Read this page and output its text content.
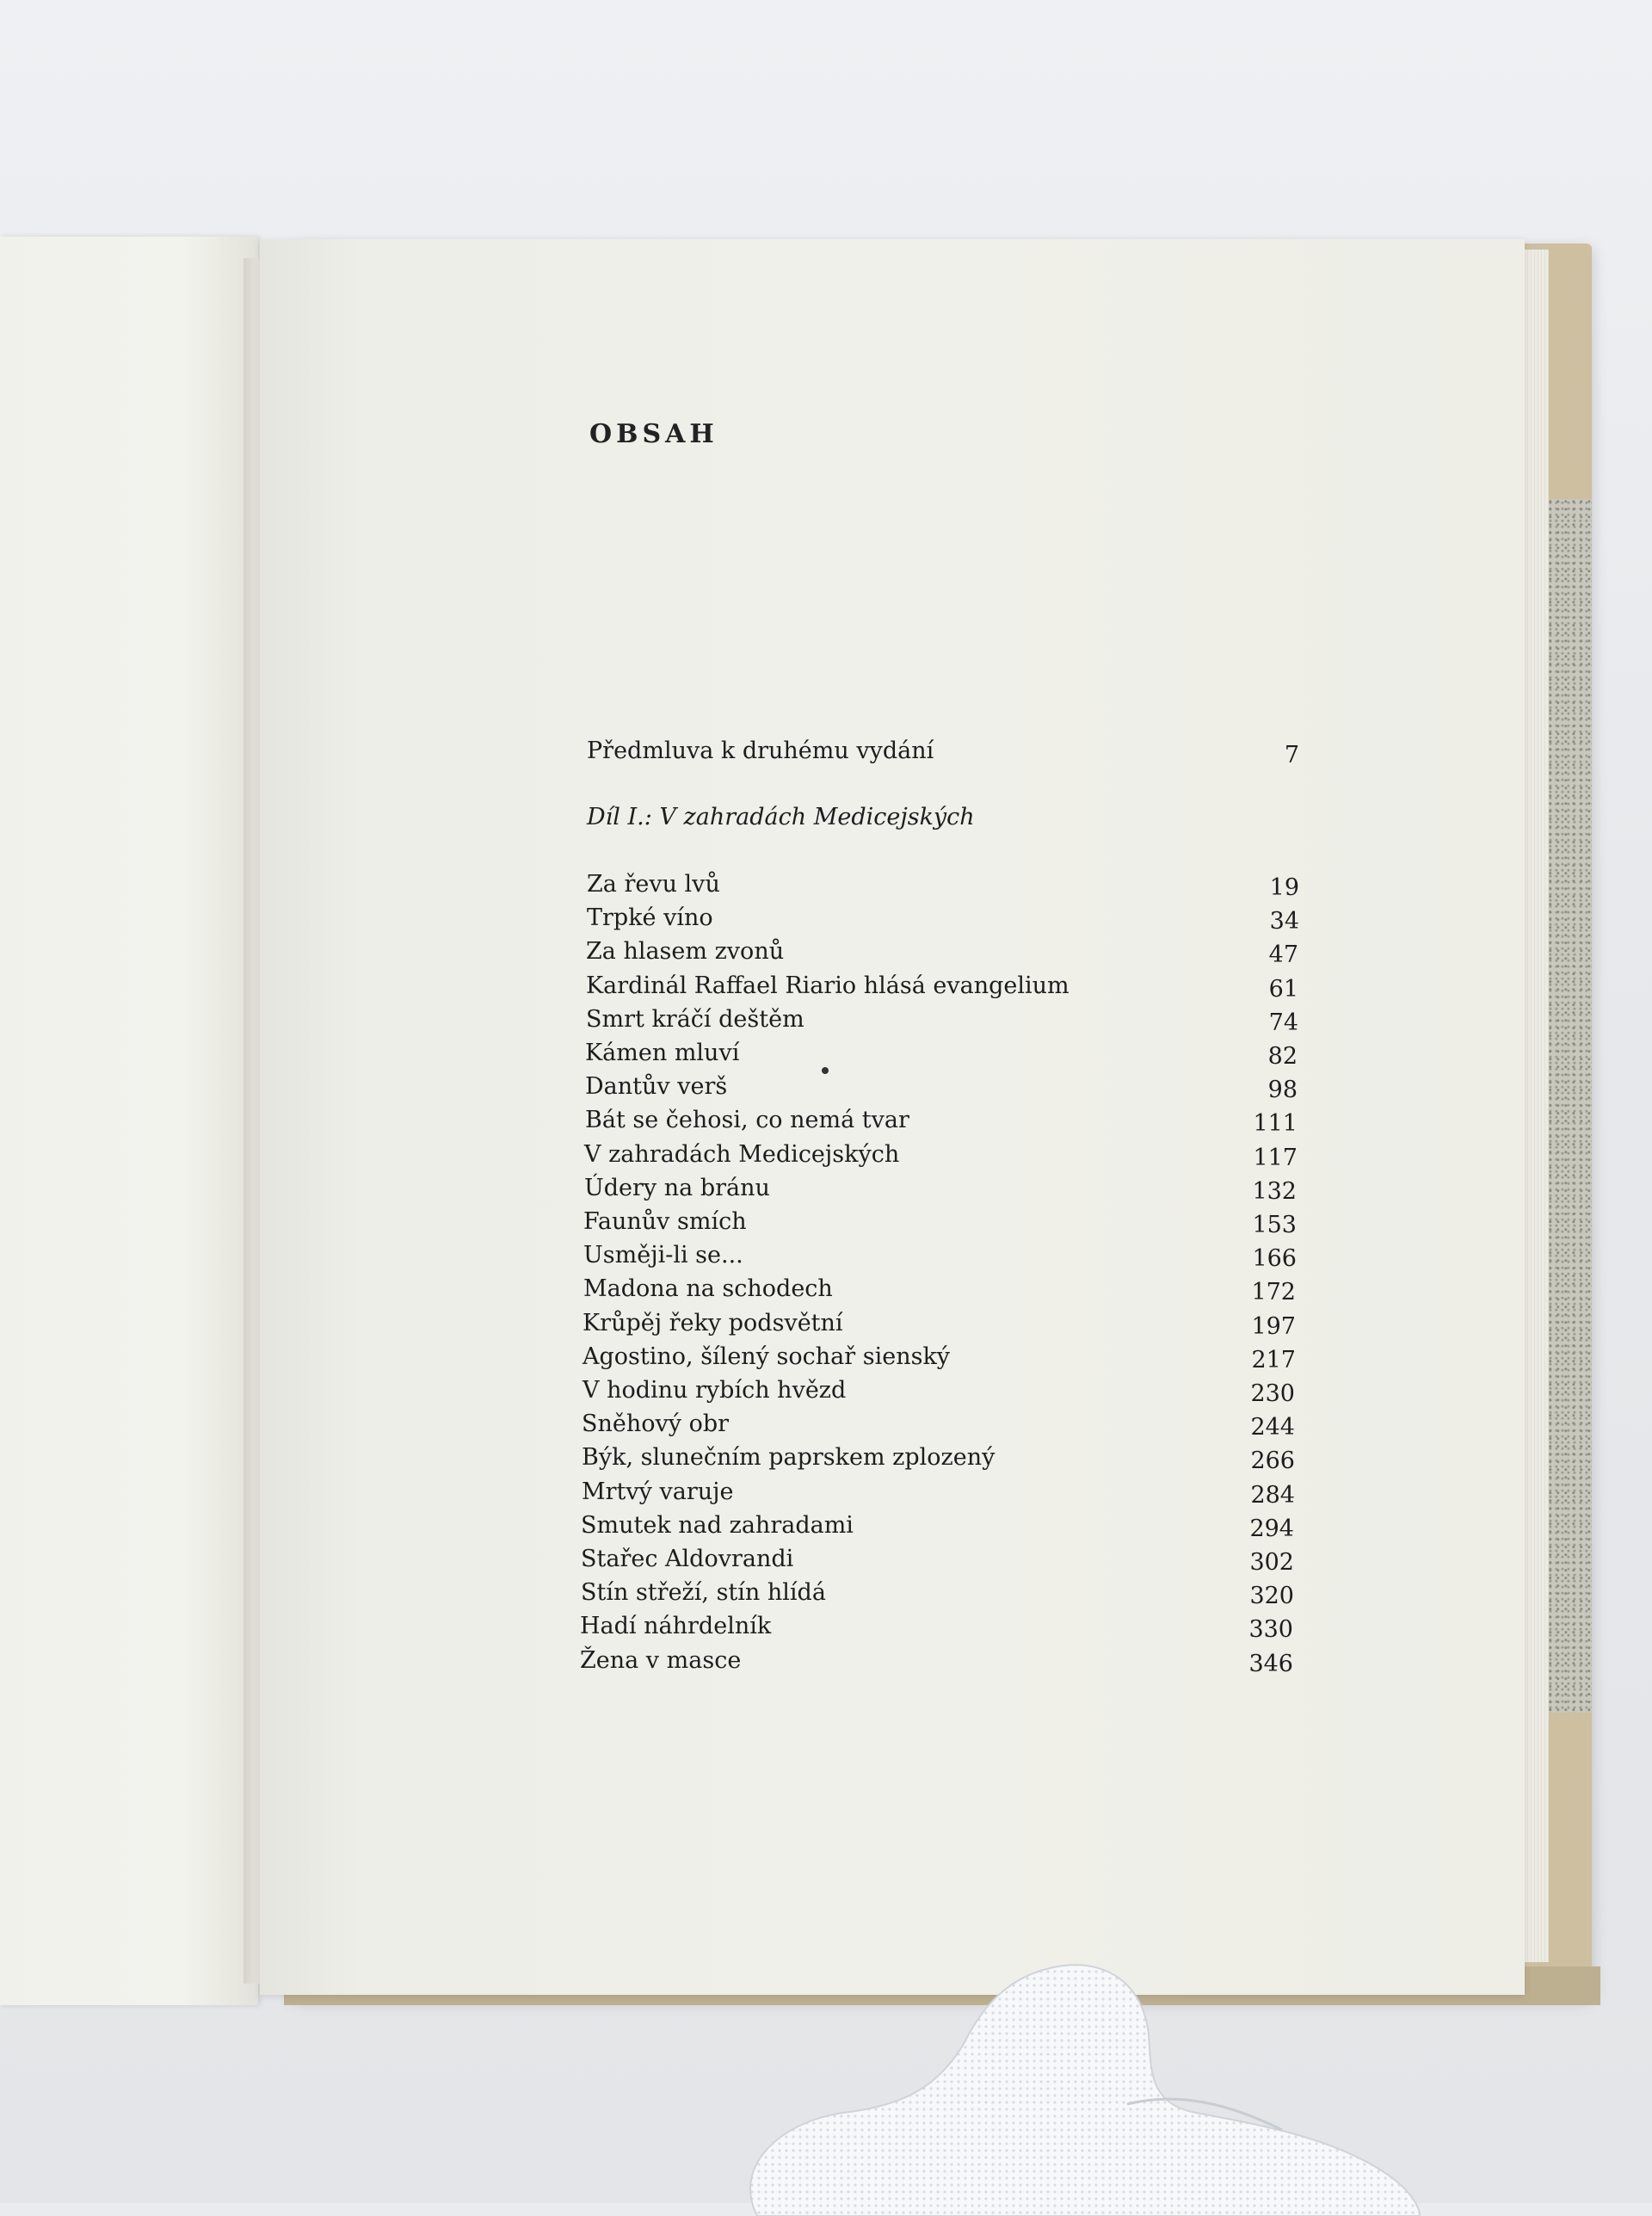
OBSAH
Předmluva k druhému vydání	7
Díl I.: V zahradách Medicejských
Za řevu lvů	19
Trpké víno	34
Za hlasem zvonů	47
Kardinál Raffael Riario hlásá evangelium	61
Smrt kráčí deštěm	74
Kámen mluví	82
Dantův verš	98
Bát se čehosi, co nemá tvar	111
V zahradách Medicejských	117
Údery na bránu	132
Faunův smích	153
Usměji-li se...	166
Madona na schodech	172
Krůpěj řeky podsvětní	197
Agostino, šílený sochař sienský	217
V hodinu rybích hvězd	230
Sněhový obr	244
Býk, slunečním paprskem zplozený	266
Mrtvý varuje	284
Smutek nad zahradami	294
Stařec Aldovrandi	302
Stín střeží, stín hlídá	320
Hadí náhrdelník	330
Žena v masce	346
